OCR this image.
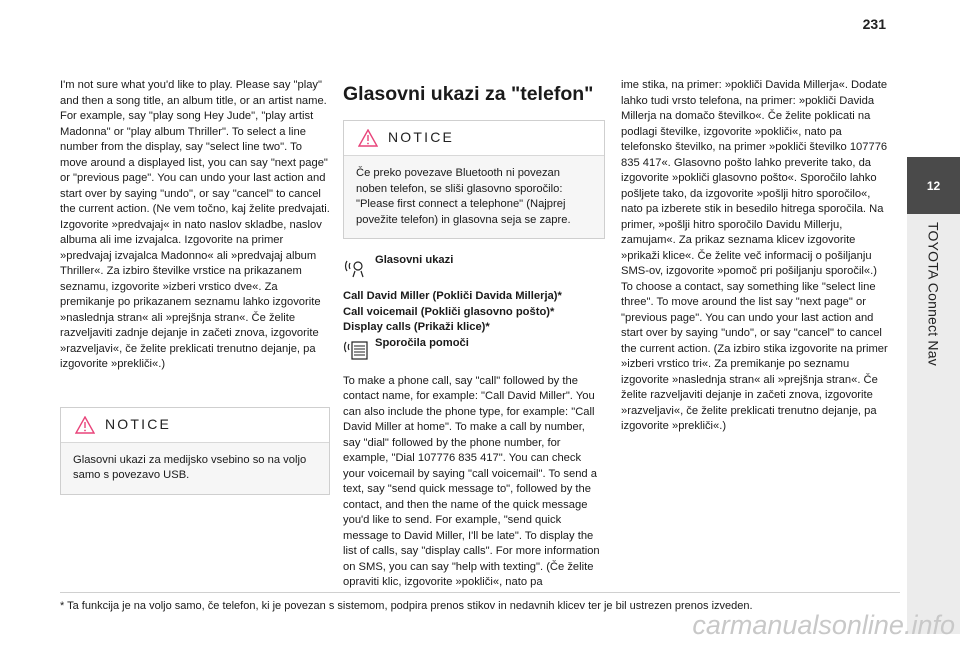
231
12
TOYOTA Connect Nav

I'm not sure what you'd like to play. Please say "play" and then a song title, an album title, or an artist name. For example, say "play song Hey Jude", "play artist Madonna" or "play album Thriller". To select a line number from the display, say "select line two". To move around a displayed list, you can say "next page" or "previous page". You can undo your last action and start over by saying "undo", or say "cancel" to cancel the current action. (Ne vem točno, kaj želite predvajati. Izgovorite »predvajaj« in nato naslov skladbe, naslov albuma ali ime izvajalca. Izgovorite na primer »predvajaj izvajalca Madonno« ali »predvajaj album Thriller«. Za izbiro številke vrstice na prikazanem seznamu, izgovorite »izberi vrstico dve«. Za premikanje po prikazanem seznamu lahko izgovorite »naslednja stran« ali »prejšnja stran«. Če želite razveljaviti zadnje dejanje in začeti znova, izgovorite »razveljavi«, če želite preklicati trenutno dejanje, pa izgovorite »prekliči«.)

NOTICE
Glasovni ukazi za medijsko vsebino so na voljo samo s povezavo USB.

Glasovni ukazi za "telefon"

NOTICE
Če preko povezave Bluetooth ni povezan noben telefon, se sliši glasovno sporočilo: "Please first connect a telephone" (Najprej povežite telefon) in glasovna seja se zapre.
Glasovni ukazi

Call David Miller (Pokliči Davida Millerja)*

Call voicemail (Pokliči glasovno pošto)*

Display calls (Prikaži klice)*

Sporočila pomoči

To make a phone call, say "call" followed by the contact name, for example: "Call David Miller". You can also include the phone type, for example: "Call David Miller at home". To make a call by number, say "dial" followed by the phone number, for example, "Dial 107776 835 417". You can check your voicemail by saying "call voicemail". To send a text, say "send quick message to", followed by the contact, and then the name of the quick message you'd like to send. For example, "send quick message to David Miller, I'll be late". To display the list of calls, say "display calls". For more information on SMS, you can say "help with texting". (Če želite opraviti klic, izgovorite »pokliči«, nato pa

ime stika, na primer: »pokliči Davida Millerja«. Dodate lahko tudi vrsto telefona, na primer: »pokliči Davida Millerja na domačo številko«. Če želite poklicati na podlagi številke, izgovorite »pokliči«, nato pa telefonsko številko, na primer »pokliči številko 107776 835 417«. Glasovno pošto lahko preverite tako, da izgovorite »pokliči glasovno pošto«. Sporočilo lahko pošljete tako, da izgovorite »pošlji hitro sporočilo«, nato pa izberete stik in besedilo hitrega sporočila. Na primer, »pošlji hitro sporočilo Davidu Millerju, zamujam«. Za prikaz seznama klicev izgovorite »prikaži klice«. Če želite več informacij o pošiljanju SMS-ov, izgovorite »pomoč pri pošiljanju sporočil«.)

To choose a contact, say something like "select line three". To move around the list say "next page" or "previous page". You can undo your last action and start over by saying "undo", or say "cancel" to cancel the current action. (Za izbiro stika izgovorite na primer »izberi vrstico tri«. Za premikanje po seznamu izgovorite »naslednja stran« ali »prejšnja stran«. Če želite razveljaviti dejanje in začeti znova, izgovorite »razveljavi«, če želite preklicati trenutno dejanje, pa izgovorite »prekliči«.)

* Ta funkcija je na voljo samo, če telefon, ki je povezan s sistemom, podpira prenos stikov in nedavnih klicev ter je bil ustrezen prenos izveden.
carmanualsonline.info
